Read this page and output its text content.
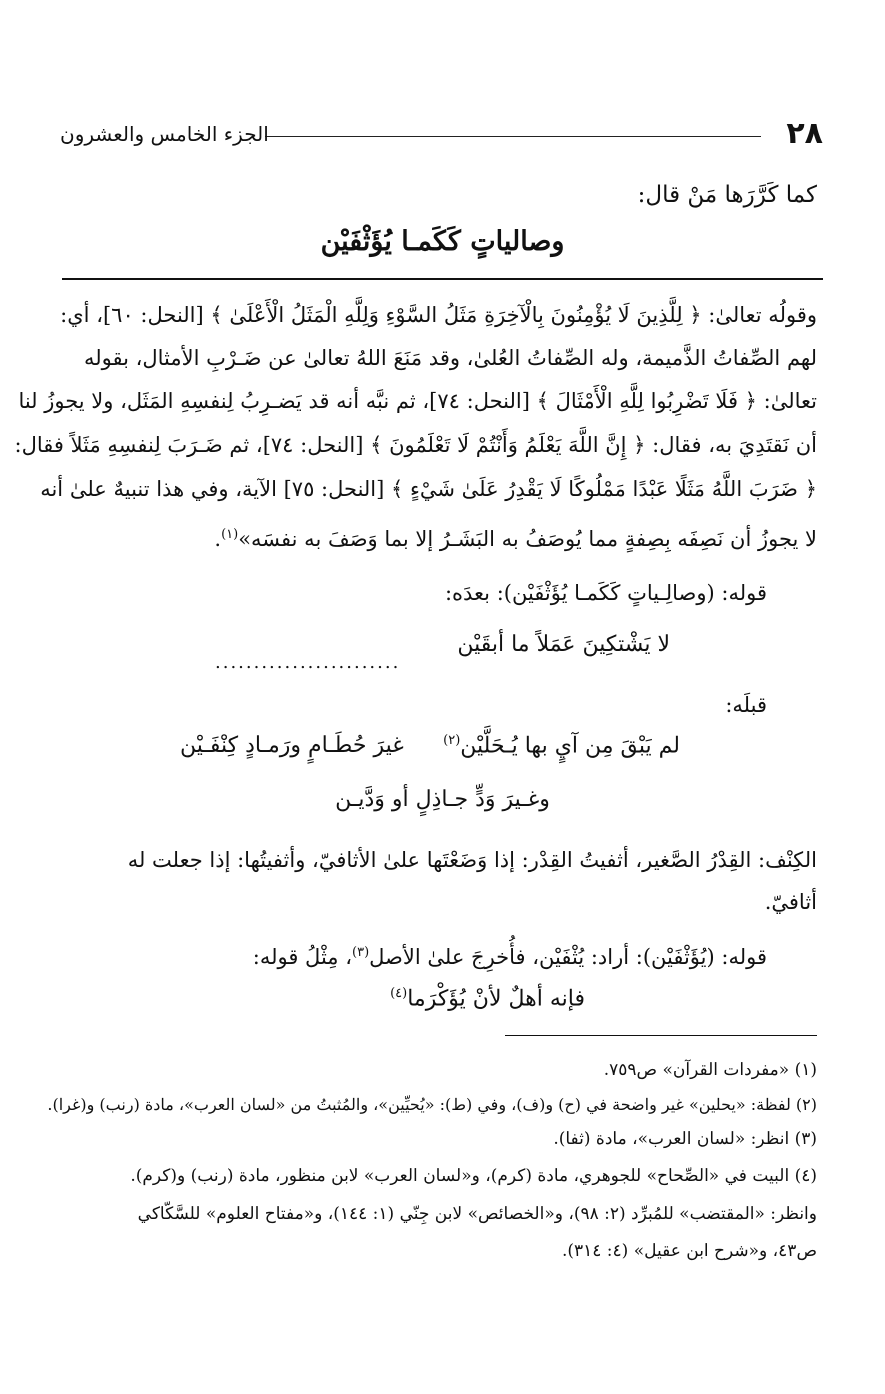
٢٨
الجزء الخامس والعشرون
كما كَرَّرَها مَنْ قال:
وصالياتٍ كَكَمـا يُؤَثْفَيْن
وقولُه تعالىٰ: ﴿ لِلَّذِينَ لَا يُؤْمِنُونَ بِالْآخِرَةِ مَثَلُ السَّوْءِ وَلِلَّهِ الْمَثَلُ الْأَعْلَىٰ ﴾ [النحل: ٦٠]، أي:
لهم الصِّفاتُ الذَّميمة، وله الصِّفاتُ العُلىٰ، وقد مَنَعَ اللهُ تعالىٰ عن ضَـرْبِ الأمثال، بقوله
تعالىٰ: ﴿ فَلَا تَضْرِبُوا لِلَّهِ الْأَمْثَالَ ﴾ [النحل: ٧٤]، ثم نبَّه أنه قد يَضـرِبُ لِنفسِهِ المَثَل، ولا يجوزُ لنا
أن نَقتَدِيَ به، فقال: ﴿ إِنَّ اللَّهَ يَعْلَمُ وَأَنْتُمْ لَا تَعْلَمُونَ ﴾ [النحل: ٧٤]، ثم ضَـرَبَ لِنفسِهِ مَثَلاً فقال:
﴿ ضَرَبَ اللَّهُ مَثَلًا عَبْدًا مَمْلُوكًا لَا يَقْدِرُ عَلَىٰ شَيْءٍ ﴾ [النحل: ٧٥] الآية، وفي هذا تنبيهٌ علىٰ أنه
لا يجوزُ أن نَصِفَه بِصِفةٍ مما يُوصَفُ به البَشَـرُ إلا بما وَصَفَ به نفسَه»$^{(١)}$.
قوله: (وصالِـياتٍ كَكَمـا يُؤَثْفَيْن): بعدَه:
لا يَشْتكِينَ عَمَلاً ما أبقَيْن
........................
قبلَه:
لم يَبْقَ مِن آيٍ بها يُـحَلَّيْن$^{(٢)}$
غيرَ حُطَـامٍ ورَمـادٍ كِنْفَـيْن
وغـيرَ وَدٍّ جـاذِلٍ أو وَدَّيـن
الكِنْف: القِدْرُ الصَّغير، أثفيتُ القِدْر: إذا وَضَعْتَها علىٰ الأثافيّ، وأثفيتُها: إذا جعلت له
أثافيّ.
قوله: (يُؤَثْفَيْن): أراد: يُثْفَيْن، فأُخرِجَ علىٰ الأصل$^{(٣)}$، مِثْلُ قوله:
فإنه أهلٌ لأنْ يُؤَكْرَما$^{(٤)}$
(١) «مفردات القرآن» ص٧٥٩.
(٢) لفظة: «يحلين» غير واضحة في (ح) و(ف)، وفي (ط): «يُحيِّين»، والمُثبتُ من «لسان العرب»، مادة (رنب) و(غرا).
(٣) انظر: «لسان العرب»، مادة (ثفا).
(٤) البيت في «الصِّحاح» للجوهري، مادة (كرم)، و«لسان العرب» لابن منظور، مادة (رنب) و(كرم).
وانظر: «المقتضب» للمُبرِّد (٢: ٩٨)، و«الخصائص» لابن جِنّي (١: ١٤٤)، و«مفتاح العلوم» للسَّكّاكي
ص٤٣، و«شرح ابن عقيل» (٤: ٣١٤).
